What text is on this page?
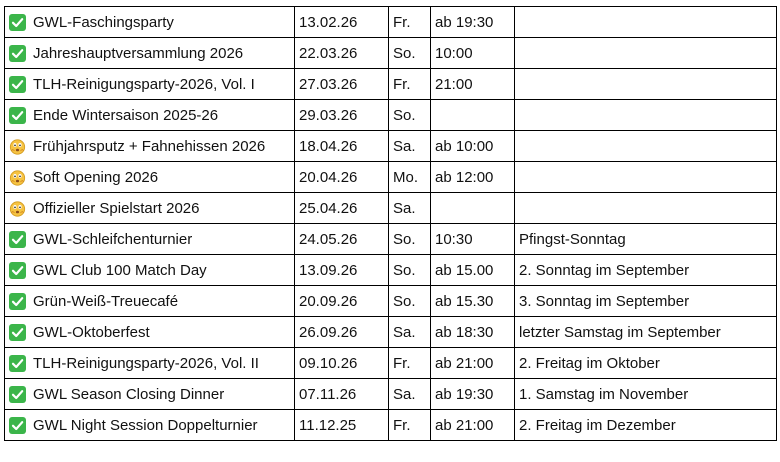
GWL-Faschingsparty	13.02.26	Fr.	ab 19:30	

Jahreshauptversammlung 2026	22.03.26	So.	10:00	

TLH-Reinigungsparty-2026, Vol. I	27.03.26	Fr.	21:00	

Ende Wintersaison 2025-26	29.03.26	So.		

Frühjahrsputz + Fahnehissen 2026	18.04.26	Sa.	ab 10:00	

Soft Opening 2026	20.04.26	Mo.	ab 12:00	

Offizieller Spielstart 2026	25.04.26	Sa.		

GWL-Schleifchenturnier	24.05.26	So.	10:30	Pfingst-Sonntag

GWL Club 100 Match Day	13.09.26	So.	ab 15.00	2. Sonntag im September

Grün-Weiß-Treuecafé	20.09.26	So.	ab 15.30	3. Sonntag im September

GWL-Oktoberfest	26.09.26	Sa.	ab 18:30	letzter Samstag im September

TLH-Reinigungsparty-2026, Vol. II	09.10.26	Fr.	ab 21:00	2. Freitag im Oktober

GWL Season Closing Dinner	07.11.26	Sa.	ab 19:30	1. Samstag im November

GWL Night Session Doppelturnier	11.12.25	Fr.	ab 21:00	2. Freitag im Dezember
